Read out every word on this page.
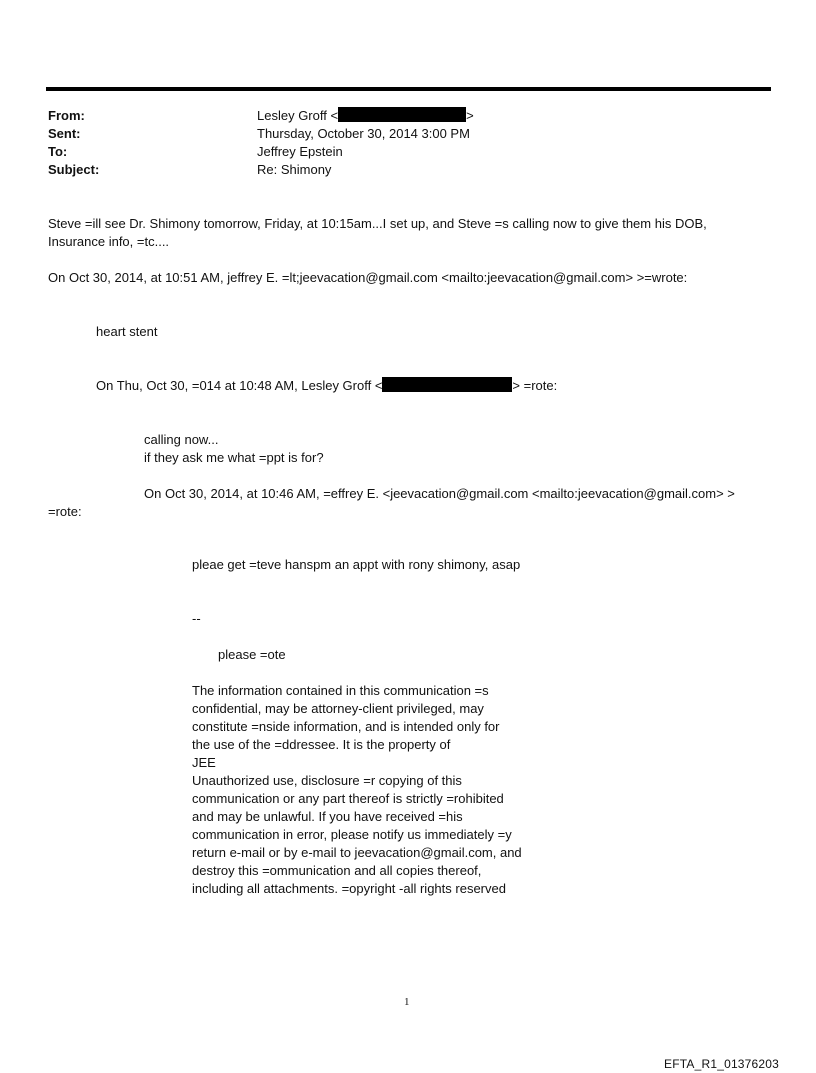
From:	Lesley Groff <	>
Sent:	Thursday, October 30, 2014 3:00 PM
To:	Jeffrey Epstein
Subject:	Re: Shimony
Steve =ill see Dr. Shimony tomorrow, Friday, at 10:15am...I set up, and Steve =s calling now to give them his DOB,
Insurance info, =tc....
On Oct 30, 2014, at 10:51 AM, jeffrey E. =lt;jeevacation@gmail.com <mailto:jeevacation@gmail.com> >=wrote:
heart stent
On Thu, Oct 30, =014 at 10:48 AM, Lesley Groff <	> =rote:
calling now...
if they ask me what =ppt is for?
On Oct 30, 2014, at 10:46 AM, =effrey E. <jeevacation@gmail.com <mailto:jeevacation@gmail.com> >
=rote:
pleae get =teve hanspm an appt with rony shimony, asap
--
please =ote
The information contained in this communication =s
confidential, may be attorney-client privileged, may
constitute =nside information, and is intended only for
the use of the =ddressee. It is the property of
JEE
Unauthorized use, disclosure =r copying of this
communication or any part thereof is strictly =rohibited
and may be unlawful. If you have received =his
communication in error, please notify us immediately =y
return e-mail or by e-mail to jeevacation@gmail.com, and
destroy this =ommunication and all copies thereof,
including all attachments. =opyright -all rights reserved
1
EFTA_R1_01376203
